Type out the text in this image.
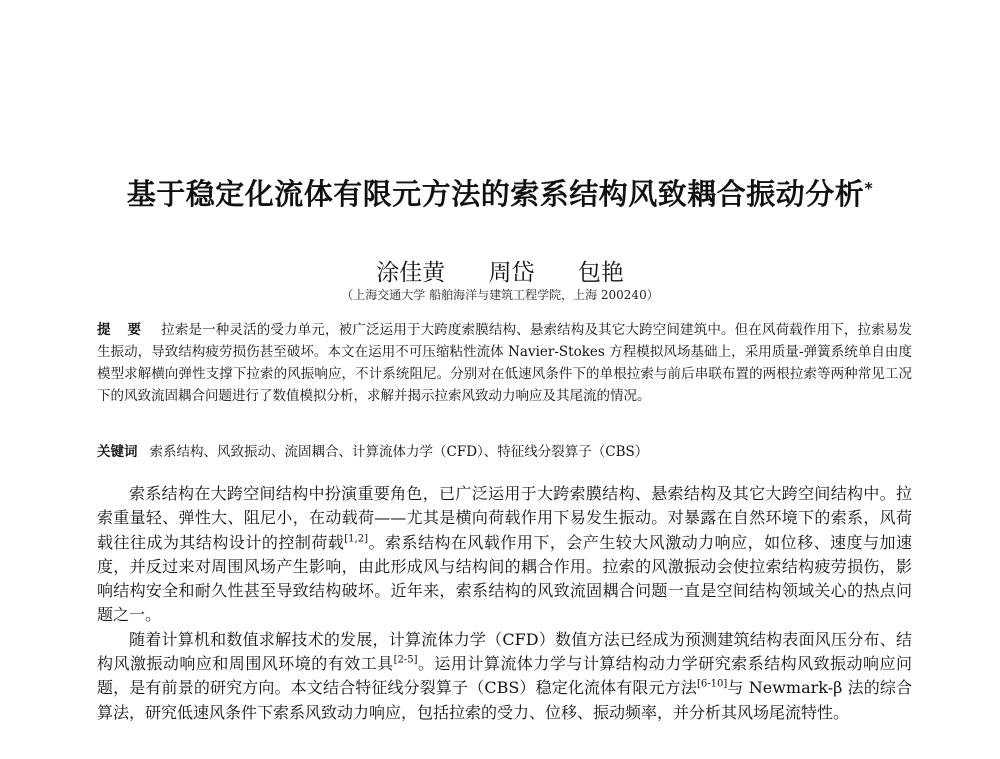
基于稳定化流体有限元方法的索系结构风致耦合振动分析*
涂佳黄 周岱 包艳
（上海交通大学 船舶海洋与建筑工程学院，上海 200240）
提 要 拉索是一种灵活的受力单元，被广泛运用于大跨度索膜结构、悬索结构及其它大跨空间建筑中。但在风荷载作用下，拉索易发生振动，导致结构疲劳损伤甚至破坏。本文在运用不可压缩粘性流体 Navier-Stokes 方程模拟风场基础上，采用质量-弹簧系统单自由度模型求解横向弹性支撑下拉索的风振响应，不计系统阻尼。分别对在低速风条件下的单根拉索与前后串联布置的两根拉索等两种常见工况下的风致流固耦合问题进行了数值模拟分析，求解并揭示拉索风致动力响应及其尾流的情况。
关键词 索系结构、风致振动、流固耦合、计算流体力学（CFD）、特征线分裂算子（CBS）

索系结构在大跨空间结构中扮演重要角色，已广泛运用于大跨索膜结构、悬索结构及其它大跨空间结构中。拉索重量轻、弹性大、阻尼小，在动载荷——尤其是横向荷载作用下易发生振动。对暴露在自然环境下的索系，风荷载往往成为其结构设计的控制荷载[1,2]。索系结构在风载作用下，会产生较大风激动力响应，如位移、速度与加速度，并反过来对周围风场产生影响，由此形成风与结构间的耦合作用。拉索的风激振动会使拉索结构疲劳损伤，影响结构安全和耐久性甚至导致结构破坏。近年来，索系结构的风致流固耦合问题一直是空间结构领域关心的热点问题之一。

随着计算机和数值求解技术的发展，计算流体力学（CFD）数值方法已经成为预测建筑结构表面风压分布、结构风激振动响应和周围风环境的有效工具[2-5]。运用计算流体力学与计算结构动力学研究索系结构风致振动响应问题，是有前景的研究方向。本文结合特征线分裂算子（CBS）稳定化流体有限元方法[6-10]与 Newmark-β 法的综合算法，研究低速风条件下索系风致动力响应，包括拉索的受力、位移、振动频率，并分析其风场尾流特性。
